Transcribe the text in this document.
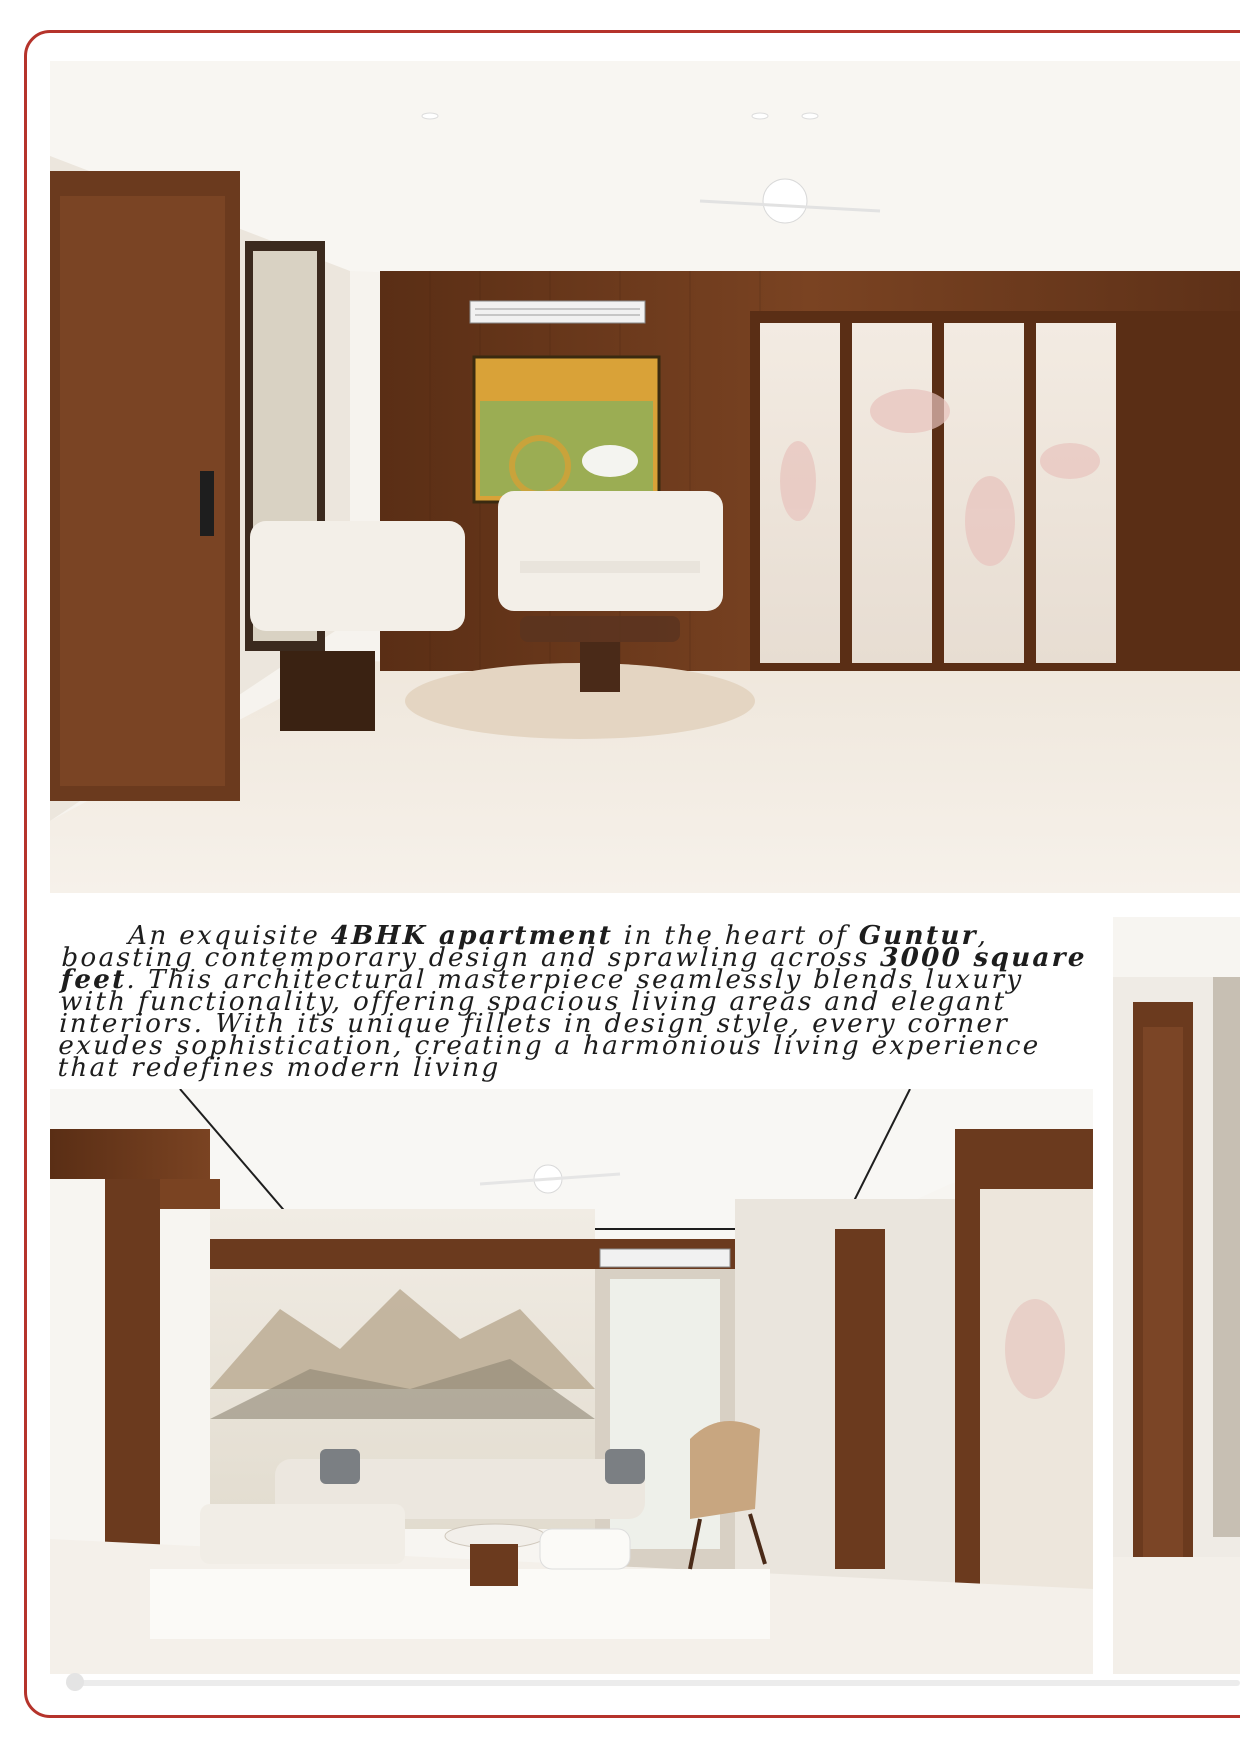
An exquisite 4BHK apartment in the heart of Guntur, boasting contemporary design and sprawling across 3000 square feet. This architectural masterpiece seamlessly blends luxury with functionality, offering spacious living areas and elegant interiors. With its unique fillets in design style, every corner exudes sophistication, creating a harmonious living experience that redefines modern living
